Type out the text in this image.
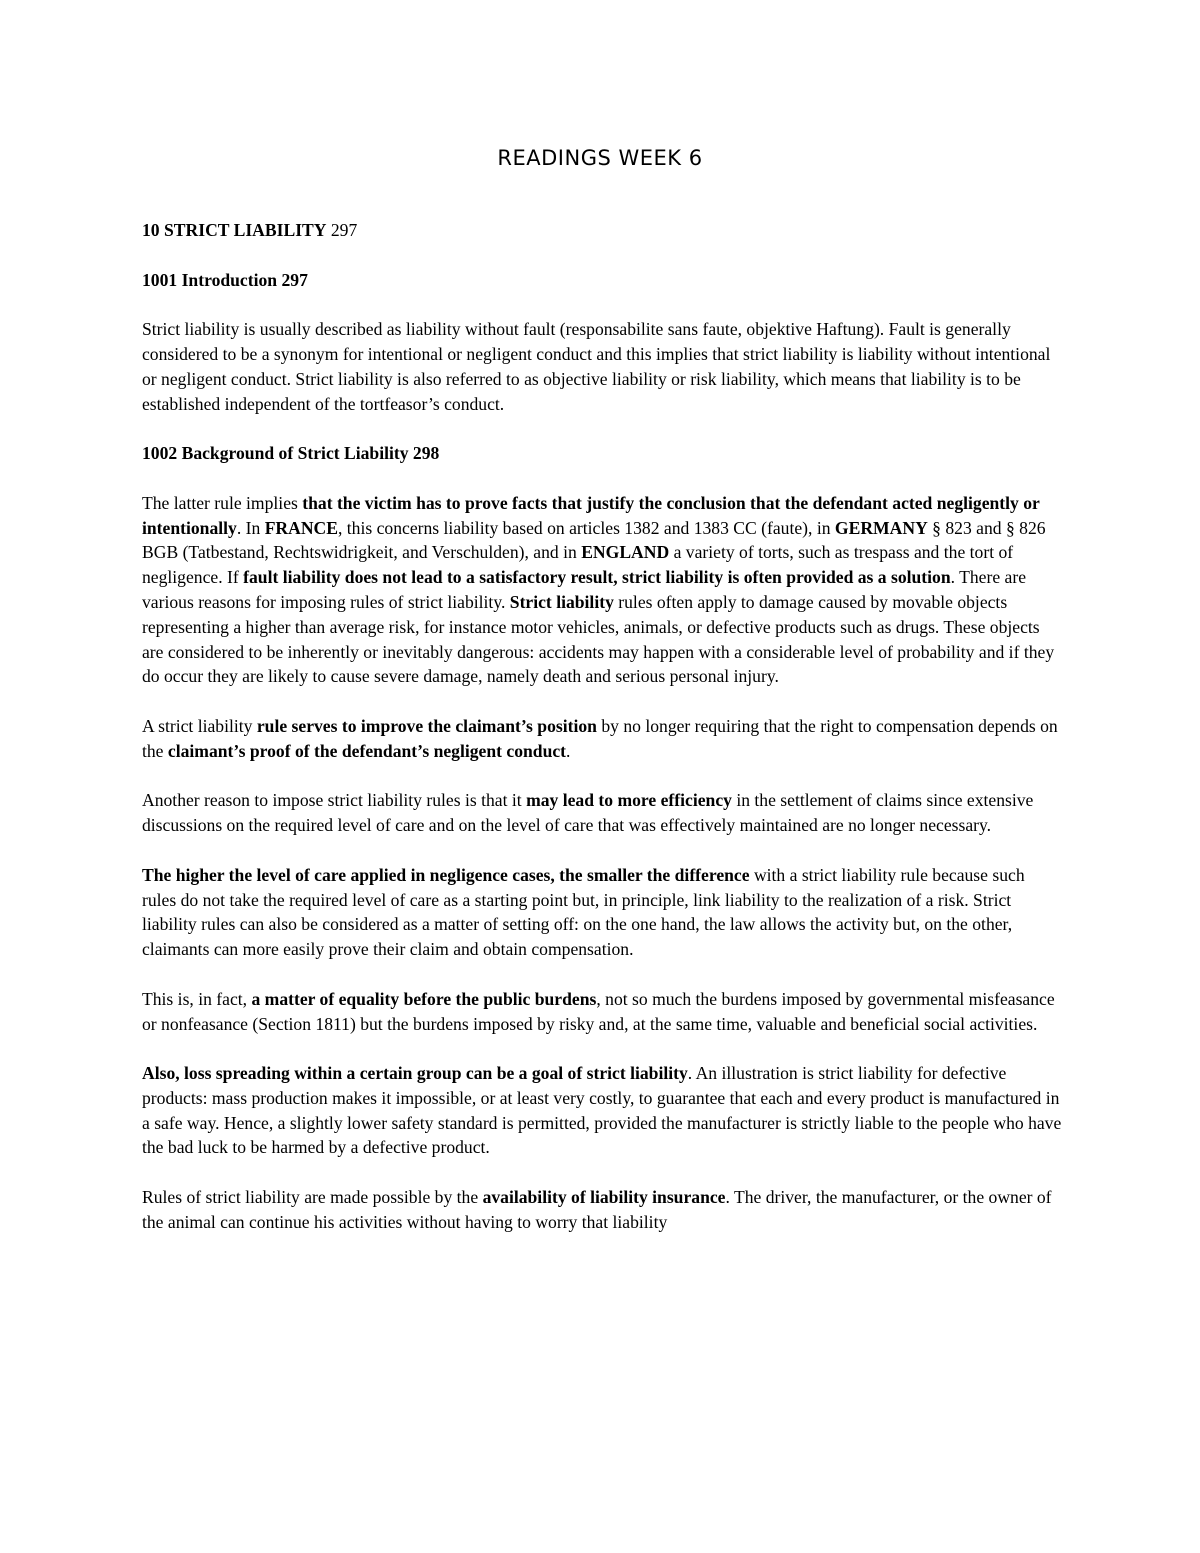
READINGS WEEK 6

10 STRICT LIABILITY 297

1001 Introduction 297

Strict liability is usually described as liability without fault (responsabilite sans faute, objektive Haftung). Fault is generally considered to be a synonym for intentional or negligent conduct and this implies that strict liability is liability without intentional or negligent conduct. Strict liability is also referred to as objective liability or risk liability, which means that liability is to be established independent of the tortfeasor’s conduct.

1002 Background of Strict Liability 298

The latter rule implies that the victim has to prove facts that justify the conclusion that the defendant acted negligently or intentionally. In FRANCE, this concerns liability based on articles 1382 and 1383 CC (faute), in GERMANY § 823 and § 826 BGB (Tatbestand, Rechtswidrigkeit, and Verschulden), and in ENGLAND a variety of torts, such as trespass and the tort of negligence. If fault liability does not lead to a satisfactory result, strict liability is often provided as a solution. There are various reasons for imposing rules of strict liability. Strict liability rules often apply to damage caused by movable objects representing a higher than average risk, for instance motor vehicles, animals, or defective products such as drugs. These objects are considered to be inherently or inevitably dangerous: accidents may happen with a considerable level of probability and if they do occur they are likely to cause severe damage, namely death and serious personal injury.

A strict liability rule serves to improve the claimant’s position by no longer requiring that the right to compensation depends on the claimant’s proof of the defendant’s negligent conduct.

Another reason to impose strict liability rules is that it may lead to more efficiency in the settlement of claims since extensive discussions on the required level of care and on the level of care that was effectively maintained are no longer necessary.

The higher the level of care applied in negligence cases, the smaller the difference with a strict liability rule because such rules do not take the required level of care as a starting point but, in principle, link liability to the realization of a risk. Strict liability rules can also be considered as a matter of setting off: on the one hand, the law allows the activity but, on the other, claimants can more easily prove their claim and obtain compensation.

This is, in fact, a matter of equality before the public burdens, not so much the burdens imposed by governmental misfeasance or nonfeasance (Section 1811) but the burdens imposed by risky and, at the same time, valuable and beneficial social activities.

Also, loss spreading within a certain group can be a goal of strict liability. An illustration is strict liability for defective products: mass production makes it impossible, or at least very costly, to guarantee that each and every product is manufactured in a safe way. Hence, a slightly lower safety standard is permitted, provided the manufacturer is strictly liable to the people who have the bad luck to be harmed by a defective product.

Rules of strict liability are made possible by the availability of liability insurance. The driver, the manufacturer, or the owner of the animal can continue his activities without having to worry that liability
